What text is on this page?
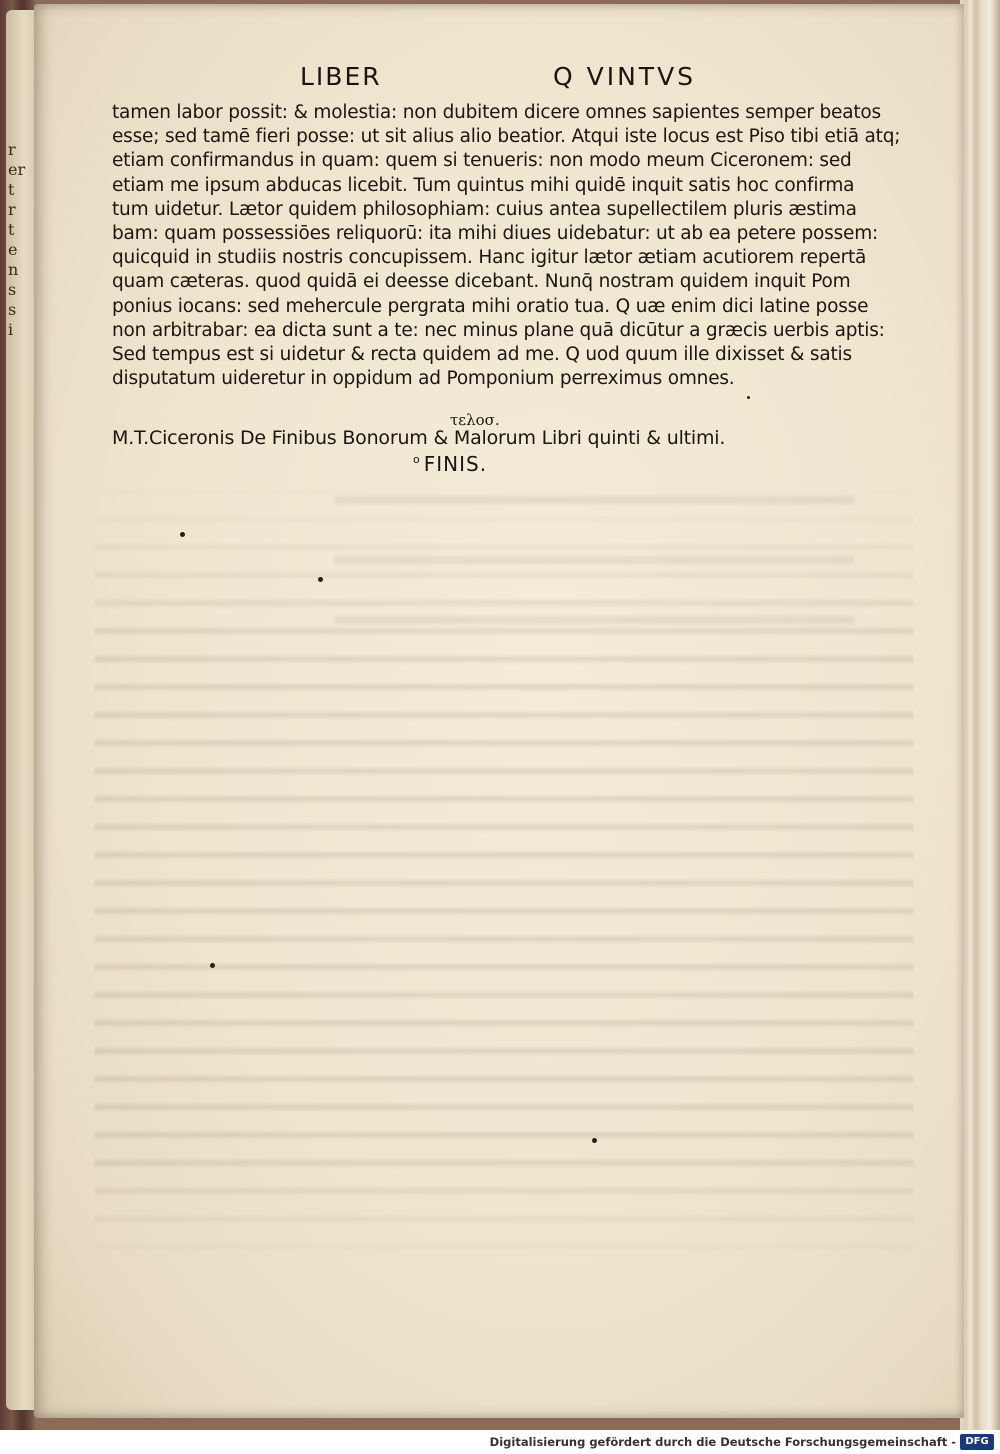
r
er
t
r
t
e
n
s
s
i
LIBER	Q VINTVS
tamen labor possit: & molestia: non dubitem dicere omnes sapientes semper beatos
esse; sed tamē fieri posse: ut sit alius alio beatior. Atqui iste locus est Piso tibi etiā atq;
etiam confirmandus in quam: quem si tenueris: non modo meum Ciceronem: sed
etiam me ipsum abducas licebit. Tum quintus mihi quidē inquit satis hoc confirma
tum uidetur. Lætor quidem philosophiam: cuius antea supellectilem pluris æstima
bam: quam possessiōes reliquorū: ita mihi diues uidebatur: ut ab ea petere possem:
quicquid in studiis nostris concupissem. Hanc igitur lætor ætiam acutiorem repertā
quam cæteras. quod quidā ei deesse dicebant. Nunq̄ nostram quidem inquit Pom
ponius iocans: sed mehercule pergrata mihi oratio tua. Q uæ enim dici latine posse
non arbitrabar: ea dicta sunt a te: nec minus plane quā dicūtur a græcis uerbis aptis:
Sed tempus est si uidetur & recta quidem ad me. Q uod quum ille dixisset & satis
disputatum uideretur in oppidum ad Pomponium perreximus omnes.
τελοσ.
M.T.Ciceronis De Finibus Bonorum & Malorum Libri quinti & ultimi.
$^o$ FINIS.
Digitalisierung gefördert durch die Deutsche Forschungsgemeinschaft - DFG
